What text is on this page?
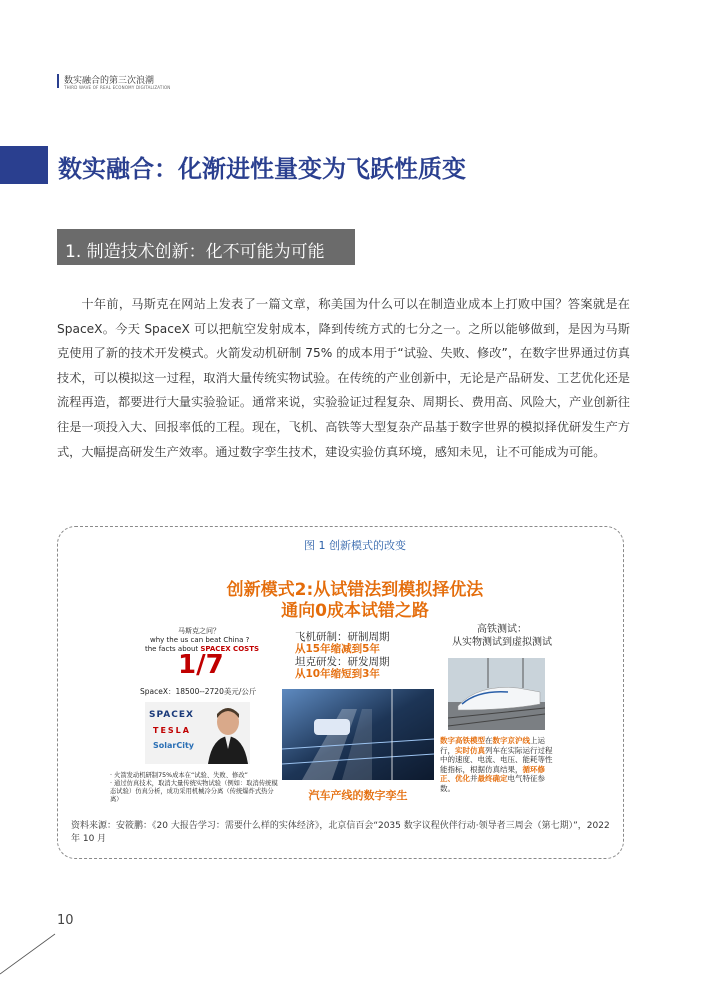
数实融合的第三次浪潮
THIRD WAVE OF REAL ECONOMY DIGITALIZATION
数实融合：化渐进性量变为飞跃性质变
1. 制造技术创新：化不可能为可能
十年前，马斯克在网站上发表了一篇文章，称美国为什么可以在制造业成本上打败中国？答案就是在 SpaceX。今天 SpaceX 可以把航空发射成本，降到传统方式的七分之一。之所以能够做到，是因为马斯克使用了新的技术开发模式。火箭发动机研制 75% 的成本用于“试验、失败、修改”，在数字世界通过仿真技术，可以模拟这一过程，取消大量传统实物试验。在传统的产业创新中，无论是产品研发、工艺优化还是流程再造，都要进行大量实验验证。通常来说，实验验证过程复杂、周期长、费用高、风险大，产业创新往往是一项投入大、回报率低的工程。现在，飞机、高铁等大型复杂产品基于数字世界的模拟择优研发生产方式，大幅提高研发生产效率。通过数字孪生技术，建设实验仿真环境，感知未见，让不可能成为可能。
图 1 创新模式的改变
创新模式2:从试错法到模拟择优法
通向0成本试错之路
马斯克之问？
why the us can beat China ?
the facts about SPACEX COSTS
1/7
SpaceX：18500--2720美元/公斤
SPACEX
TESLA
SolarCity
· 火箭发动机研制75%成本在“试验、失败、修改”
· 通过仿真技术，取消大量传统实物试验（例如：取消传统模态试验）仿真分析，成功采用机械冷分离（传统爆炸式热分离）
飞机研制：研制周期
从15年缩减到5年
坦克研发：研发周期
从10年缩短到3年
汽车产线的数字孪生
高铁测试：
从实物测试到虚拟测试
数字高铁模型在数字京沪线上运行，实时仿真列车在实际运行过程中的速度、电流、电压、能耗等性能指标，根据仿真结果，循环修正、优化并最终确定电气特征参数。
资料来源：安筱鹏：《20 大报告学习：需要什么样的实体经济》，北京信百会“2035 数字议程伙伴行动·领导者三周会（第七期）”，2022 年 10 月
10
